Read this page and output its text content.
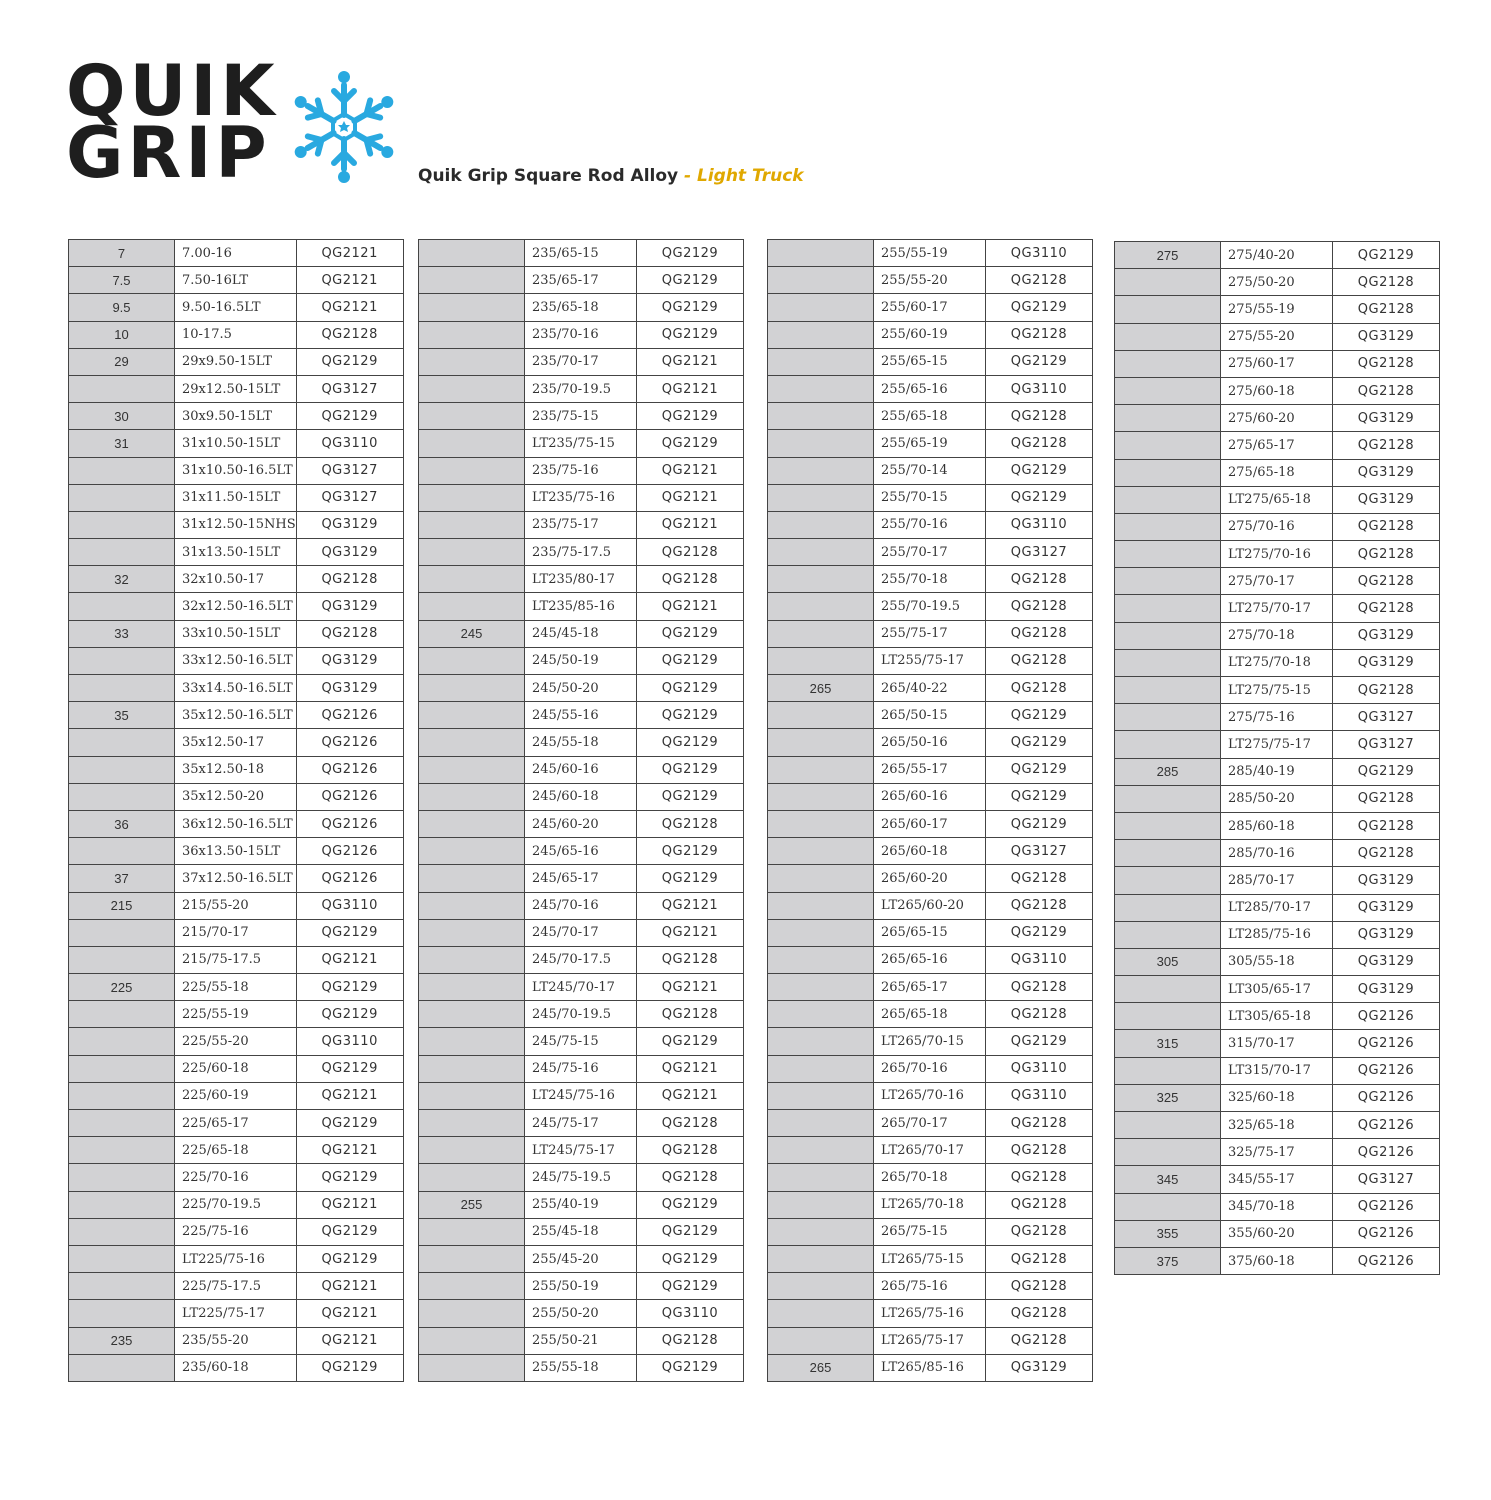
QUIK
GRIP	Quik Grip Square Rod Alloy - Light Truck
7	7.00-16	QG2121
7.5	7.50-16LT	QG2121
9.5	9.50-16.5LT	QG2121
10	10-17.5	QG2128
29	29x9.50-15LT	QG2129
	29x12.50-15LT	QG3127
30	30x9.50-15LT	QG2129
31	31x10.50-15LT	QG3110
	31x10.50-16.5LT	QG3127
	31x11.50-15LT	QG3127
	31x12.50-15NHS	QG3129
	31x13.50-15LT	QG3129
32	32x10.50-17	QG2128
	32x12.50-16.5LT	QG3129
33	33x10.50-15LT	QG2128
	33x12.50-16.5LT	QG3129
	33x14.50-16.5LT	QG3129
35	35x12.50-16.5LT	QG2126
	35x12.50-17	QG2126
	35x12.50-18	QG2126
	35x12.50-20	QG2126
36	36x12.50-16.5LT	QG2126
	36x13.50-15LT	QG2126
37	37x12.50-16.5LT	QG2126
215	215/55-20	QG3110
	215/70-17	QG2129
	215/75-17.5	QG2121
225	225/55-18	QG2129
	225/55-19	QG2129
	225/55-20	QG3110
	225/60-18	QG2129
	225/60-19	QG2121
	225/65-17	QG2129
	225/65-18	QG2121
	225/70-16	QG2129
	225/70-19.5	QG2121
	225/75-16	QG2129
	LT225/75-16	QG2129
	225/75-17.5	QG2121
	LT225/75-17	QG2121
235	235/55-20	QG2121
	235/60-18	QG2129
	235/65-15	QG2129
	235/65-17	QG2129
	235/65-18	QG2129
	235/70-16	QG2129
	235/70-17	QG2121
	235/70-19.5	QG2121
	235/75-15	QG2129
	LT235/75-15	QG2129
	235/75-16	QG2121
	LT235/75-16	QG2121
	235/75-17	QG2121
	235/75-17.5	QG2128
	LT235/80-17	QG2128
	LT235/85-16	QG2121
245	245/45-18	QG2129
	245/50-19	QG2129
	245/50-20	QG2129
	245/55-16	QG2129
	245/55-18	QG2129
	245/60-16	QG2129
	245/60-18	QG2129
	245/60-20	QG2128
	245/65-16	QG2129
	245/65-17	QG2129
	245/70-16	QG2121
	245/70-17	QG2121
	245/70-17.5	QG2128
	LT245/70-17	QG2121
	245/70-19.5	QG2128
	245/75-15	QG2129
	245/75-16	QG2121
	LT245/75-16	QG2121
	245/75-17	QG2128
	LT245/75-17	QG2128
	245/75-19.5	QG2128
255	255/40-19	QG2129
	255/45-18	QG2129
	255/45-20	QG2129
	255/50-19	QG2129
	255/50-20	QG3110
	255/50-21	QG2128
	255/55-18	QG2129
	255/55-19	QG3110
	255/55-20	QG2128
	255/60-17	QG2129
	255/60-19	QG2128
	255/65-15	QG2129
	255/65-16	QG3110
	255/65-18	QG2128
	255/65-19	QG2128
	255/70-14	QG2129
	255/70-15	QG2129
	255/70-16	QG3110
	255/70-17	QG3127
	255/70-18	QG2128
	255/70-19.5	QG2128
	255/75-17	QG2128
	LT255/75-17	QG2128
265	265/40-22	QG2128
	265/50-15	QG2129
	265/50-16	QG2129
	265/55-17	QG2129
	265/60-16	QG2129
	265/60-17	QG2129
	265/60-18	QG3127
	265/60-20	QG2128
	LT265/60-20	QG2128
	265/65-15	QG2129
	265/65-16	QG3110
	265/65-17	QG2128
	265/65-18	QG2128
	LT265/70-15	QG2129
	265/70-16	QG3110
	LT265/70-16	QG3110
	265/70-17	QG2128
	LT265/70-17	QG2128
	265/70-18	QG2128
	LT265/70-18	QG2128
	265/75-15	QG2128
	LT265/75-15	QG2128
	265/75-16	QG2128
	LT265/75-16	QG2128
	LT265/75-17	QG2128
265	LT265/85-16	QG3129
275	275/40-20	QG2129
	275/50-20	QG2128
	275/55-19	QG2128
	275/55-20	QG3129
	275/60-17	QG2128
	275/60-18	QG2128
	275/60-20	QG3129
	275/65-17	QG2128
	275/65-18	QG3129
	LT275/65-18	QG3129
	275/70-16	QG2128
	LT275/70-16	QG2128
	275/70-17	QG2128
	LT275/70-17	QG2128
	275/70-18	QG3129
	LT275/70-18	QG3129
	LT275/75-15	QG2128
	275/75-16	QG3127
	LT275/75-17	QG3127
285	285/40-19	QG2129
	285/50-20	QG2128
	285/60-18	QG2128
	285/70-16	QG2128
	285/70-17	QG3129
	LT285/70-17	QG3129
	LT285/75-16	QG3129
305	305/55-18	QG3129
	LT305/65-17	QG3129
	LT305/65-18	QG2126
315	315/70-17	QG2126
	LT315/70-17	QG2126
325	325/60-18	QG2126
	325/65-18	QG2126
	325/75-17	QG2126
345	345/55-17	QG3127
	345/70-18	QG2126
355	355/60-20	QG2126
375	375/60-18	QG2126
